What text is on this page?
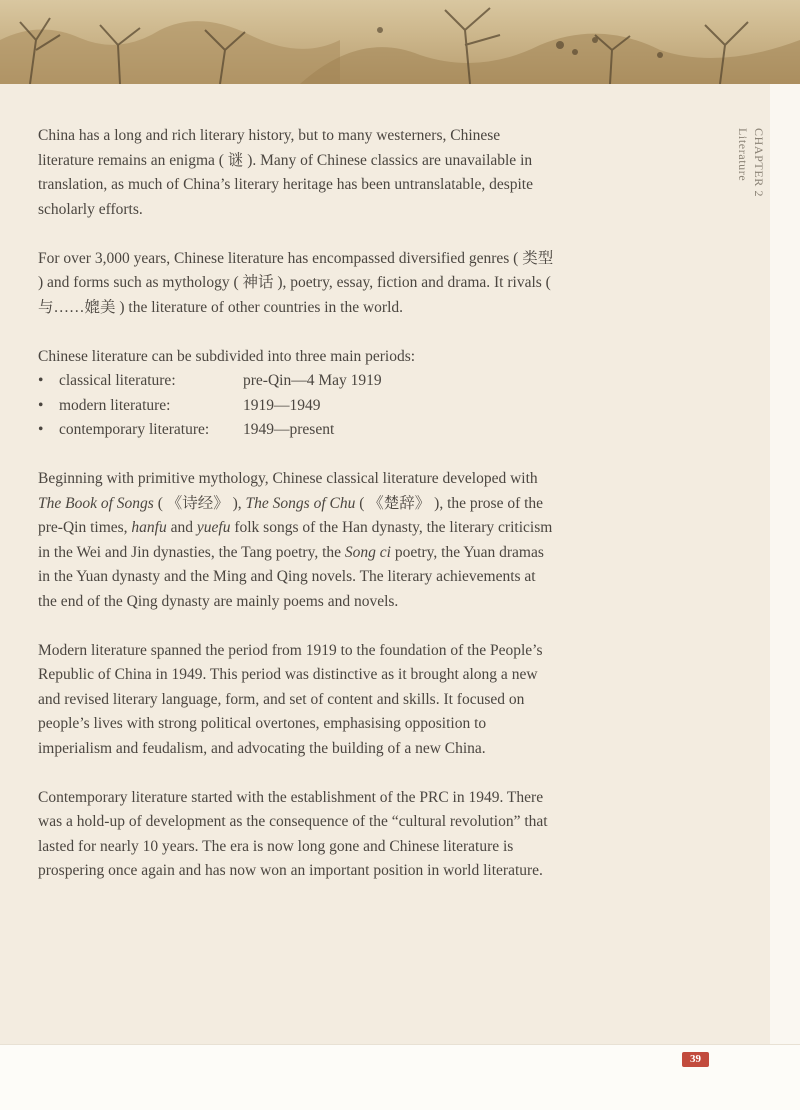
CHAPTER 2
Literature

China has a long and rich literary history, but to many westerners, Chinese literature remains an enigma ( 谜 ). Many of Chinese classics are unavailable in translation, as much of China’s literary heritage has been untranslatable, despite scholarly efforts.

For over 3,000 years, Chinese literature has encompassed diversified genres ( 类型 ) and forms such as mythology ( 神话 ), poetry, essay, fiction and drama. It rivals ( 与……媲美 ) the literature of other countries in the world.

Chinese literature can be subdivided into three main periods:

•	classical literature:	pre-Qin—4 May 1919
•	modern literature:	1919—1949
•	contemporary literature:	1949—present

Beginning with primitive mythology, Chinese classical literature developed with The Book of Songs ( 《诗经》 ), The Songs of Chu ( 《楚辞》 ), the prose of the pre-Qin times, hanfu and yuefu folk songs of the Han dynasty, the literary criticism in the Wei and Jin dynasties, the Tang poetry, the Song ci poetry, the Yuan dramas in the Yuan dynasty and the Ming and Qing novels. The literary achievements at the end of the Qing dynasty are mainly poems and novels.

Modern literature spanned the period from 1919 to the foundation of the People’s Republic of China in 1949. This period was distinctive as it brought along a new and revised literary language, form, and set of content and skills. It focused on people’s lives with strong political overtones, emphasising opposition to imperialism and feudalism, and advocating the building of a new China.

Contemporary literature started with the establishment of the PRC in 1949. There was a hold-up of development as the consequence of the “cultural revolution” that lasted for nearly 10 years. The era is now long gone and Chinese literature is prospering once again and has now won an important position in world literature.

39
